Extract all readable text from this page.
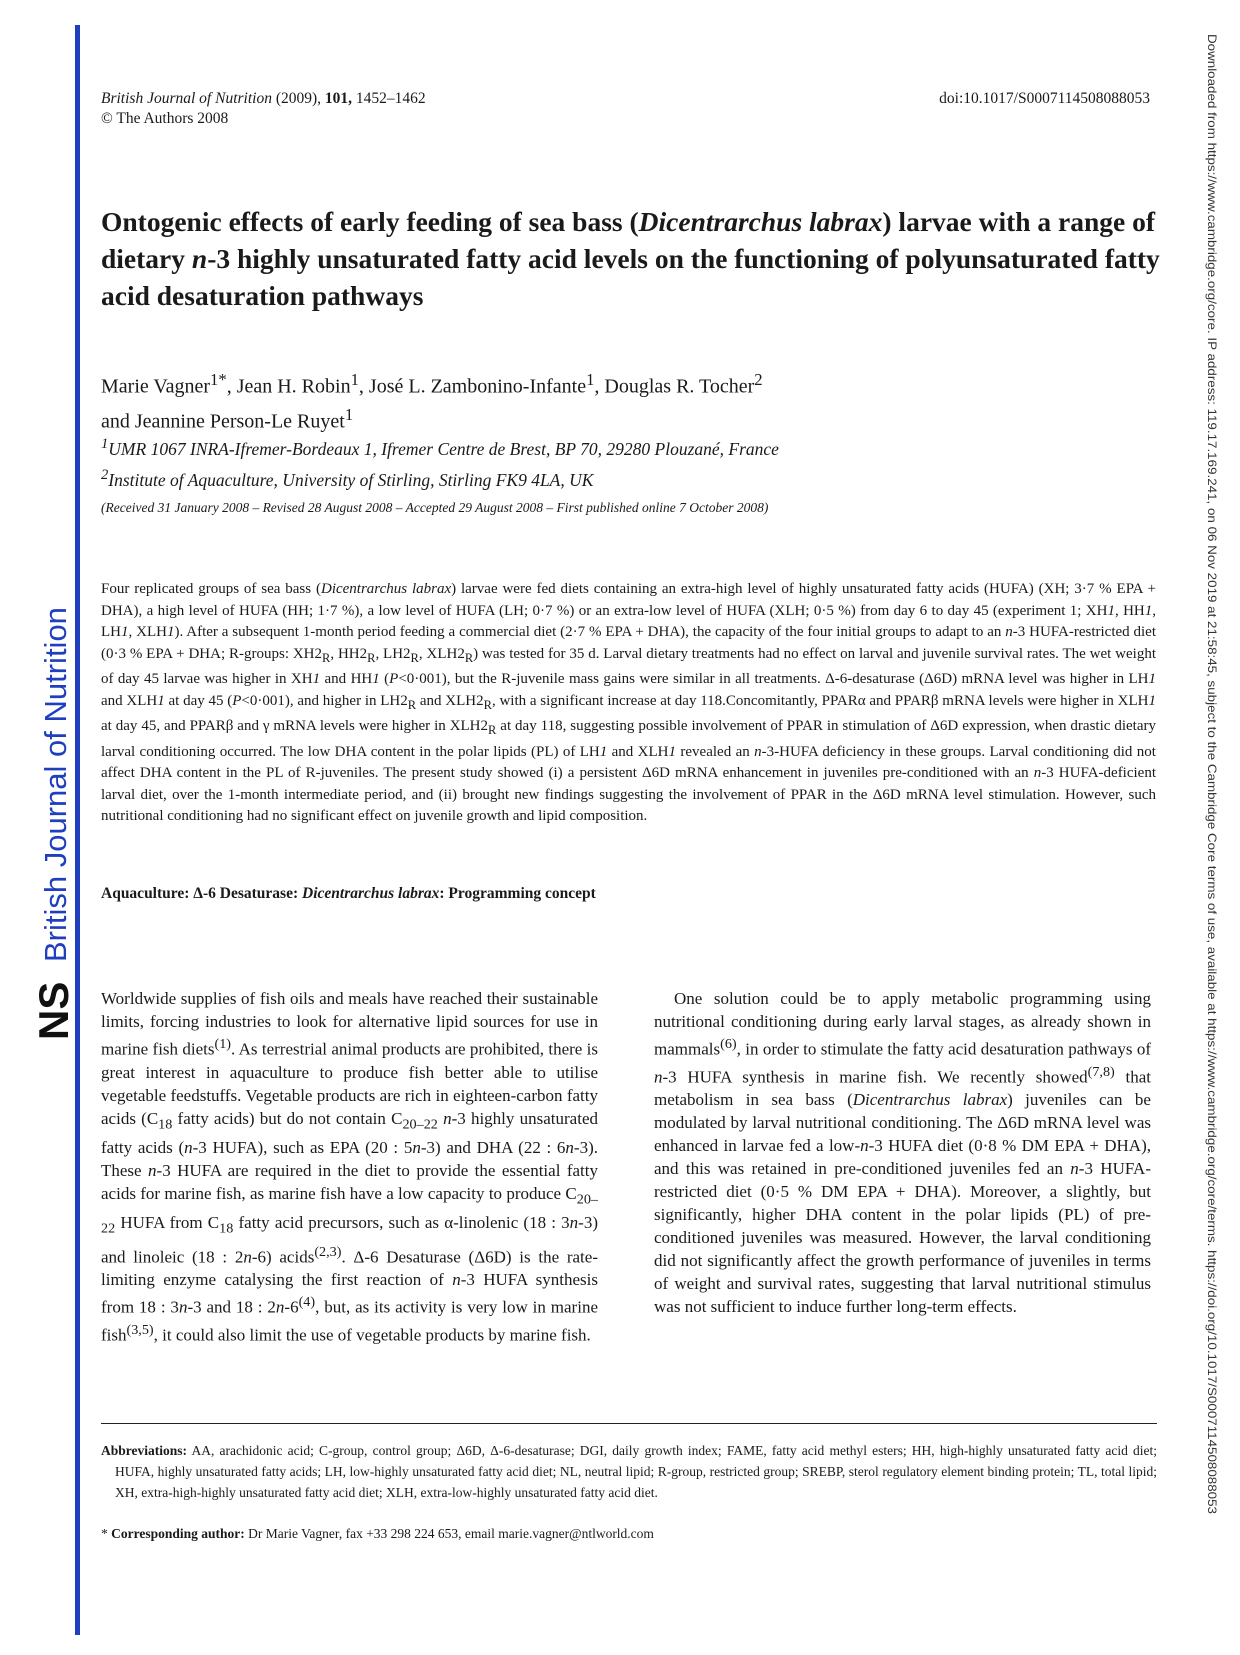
NS
British Journal of Nutrition	Downloaded from https://www.cambridge.org/core. IP address: 119.17.169.241, on 06 Nov 2019 at 21:58:45, subject to the Cambridge Core terms of use, available at https://www.cambridge.org/core/terms. https://doi.org/10.1017/S0007114508088053
British Journal of Nutrition (2009), 101, 1452–1462
© The Authors 2008
doi:10.1017/S0007114508088053
Ontogenic effects of early feeding of sea bass (Dicentrarchus labrax) larvae with a range of dietary n-3 highly unsaturated fatty acid levels on the functioning of polyunsaturated fatty acid desaturation pathways
Marie Vagner$^{1*}$, Jean H. Robin$^1$, José L. Zambonino-Infante$^1$, Douglas R. Tocher$^2$
and Jeannine Person-Le Ruyet$^1$
$^1$UMR 1067 INRA-Ifremer-Bordeaux 1, Ifremer Centre de Brest, BP 70, 29280 Plouzané, France
$^2$Institute of Aquaculture, University of Stirling, Stirling FK9 4LA, UK
(Received 31 January 2008 – Revised 28 August 2008 – Accepted 29 August 2008 – First published online 7 October 2008)
Four replicated groups of sea bass (Dicentrarchus labrax) larvae were fed diets containing an extra-high level of highly unsaturated fatty acids (HUFA) (XH; 3·7 % EPA + DHA), a high level of HUFA (HH; 1·7 %), a low level of HUFA (LH; 0·7 %) or an extra-low level of HUFA (XLH; 0·5 %) from day 6 to day 45 (experiment 1; XH1, HH1, LH1, XLH1). After a subsequent 1-month period feeding a commercial diet (2·7 % EPA + DHA), the capacity of the four initial groups to adapt to an n-3 HUFA-restricted diet (0·3 % EPA + DHA; R-groups: $XH2_R$, $HH2_R$, $LH2_R$, $XLH2_R$) was tested for 35 d. Larval dietary treatments had no effect on larval and juvenile survival rates. The wet weight of day 45 larvae was higher in XH1 and HH1 (P<0·001), but the R-juvenile mass gains were similar in all treatments. Δ-6-desaturase (Δ6D) mRNA level was higher in LH1 and XLH1 at day 45 (P<0·001), and higher in $LH2_R$ and $XLH2_R$, with a significant increase at day 118.Concomitantly, PPARα and PPARβ mRNA levels were higher in XLH1 at day 45, and PPARβ and γ mRNA levels were higher in $XLH2_R$ at day 118, suggesting possible involvement of PPAR in stimulation of Δ6D expression, when drastic dietary larval conditioning occurred. The low DHA content in the polar lipids (PL) of LH1 and XLH1 revealed an n-3-HUFA deficiency in these groups. Larval conditioning did not affect DHA content in the PL of R-juveniles. The present study showed (i) a persistent Δ6D mRNA enhancement in juveniles pre-conditioned with an n-3 HUFA-deficient larval diet, over the 1-month intermediate period, and (ii) brought new findings suggesting the involvement of PPAR in the Δ6D mRNA level stimulation. However, such nutritional conditioning had no significant effect on juvenile growth and lipid composition.
Aquaculture: Δ-6 Desaturase: Dicentrarchus labrax: Programming concept
Worldwide supplies of fish oils and meals have reached their sustainable limits, forcing industries to look for alternative lipid sources for use in marine fish diets$^{(1)}$. As terrestrial animal products are prohibited, there is great interest in aquaculture to produce fish better able to utilise vegetable feedstuffs. Vegetable products are rich in eighteen-carbon fatty acids ($C_{18}$ fatty acids) but do not contain $C_{20-22}$ n-3 highly unsaturated fatty acids (n-3 HUFA), such as EPA (20 : 5n-3) and DHA (22 : 6n-3). These n-3 HUFA are required in the diet to provide the essential fatty acids for marine fish, as marine fish have a low capacity to produce $C_{20-22}$ HUFA from $C_{18}$ fatty acid precursors, such as α-linolenic (18 : 3n-3) and linoleic (18 : 2n-6) acids$^{(2,3)}$. Δ-6 Desaturase (Δ6D) is the rate-limiting enzyme catalysing the first reaction of n-3 HUFA synthesis from 18 : 3n-3 and 18 : 2n-6$^{(4)}$, but, as its activity is very low in marine fish$^{(3,5)}$, it could also limit the use of vegetable products by marine fish.
One solution could be to apply metabolic programming using nutritional conditioning during early larval stages, as already shown in mammals$^{(6)}$, in order to stimulate the fatty acid desaturation pathways of n-3 HUFA synthesis in marine fish. We recently showed$^{(7,8)}$ that metabolism in sea bass (Dicentrarchus labrax) juveniles can be modulated by larval nutritional conditioning. The Δ6D mRNA level was enhanced in larvae fed a low-n-3 HUFA diet (0·8 % DM EPA + DHA), and this was retained in pre-conditioned juveniles fed an n-3 HUFA-restricted diet (0·5 % DM EPA + DHA). Moreover, a slightly, but significantly, higher DHA content in the polar lipids (PL) of pre-conditioned juveniles was measured. However, the larval conditioning did not significantly affect the growth performance of juveniles in terms of weight and survival rates, suggesting that larval nutritional stimulus was not sufficient to induce further long-term effects.
Abbreviations: AA, arachidonic acid; C-group, control group; Δ6D, Δ-6-desaturase; DGI, daily growth index; FAME, fatty acid methyl esters; HH, high-highly unsaturated fatty acid diet; HUFA, highly unsaturated fatty acids; LH, low-highly unsaturated fatty acid diet; NL, neutral lipid; R-group, restricted group; SREBP, sterol regulatory element binding protein; TL, total lipid; XH, extra-high-highly unsaturated fatty acid diet; XLH, extra-low-highly unsaturated fatty acid diet.
* Corresponding author: Dr Marie Vagner, fax +33 298 224 653, email marie.vagner@ntlworld.com
